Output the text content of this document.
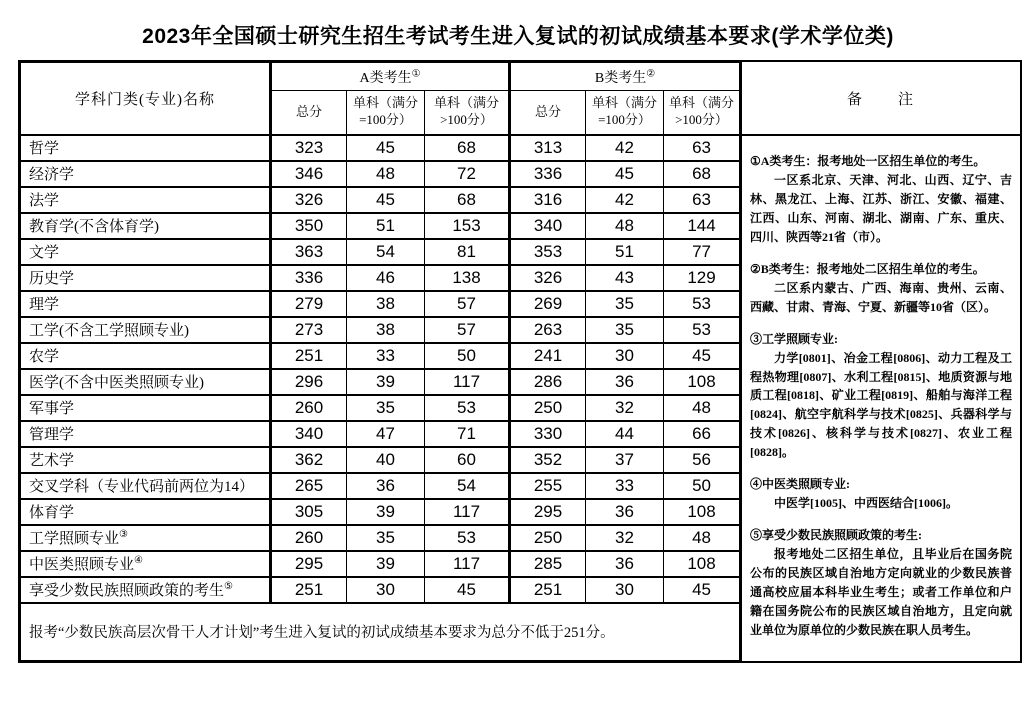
2023年全国硕士研究生招生考试考生进入复试的初试成绩基本要求(学术学位类)
学科门类(专业)名称	A类考生①			B类考生②
	总分	单科（满分=100分）	单科（满分>100分）	总分	单科（满分=100分）	单科（满分>100分）
哲学	323	45	68	313	42	63
经济学	346	48	72	336	45	68
法学	326	45	68	316	42	63
教育学(不含体育学)	350	51	153	340	48	144
文学	363	54	81	353	51	77
历史学	336	46	138	326	43	129
理学	279	38	57	269	35	53
工学(不含工学照顾专业)	273	38	57	263	35	53
农学	251	33	50	241	30	45
医学(不含中医类照顾专业)	296	39	117	286	36	108
军事学	260	35	53	250	32	48
管理学	340	47	71	330	44	66
艺术学	362	40	60	352	37	56
交叉学科（专业代码前两位为14）	265	36	54	255	33	50
体育学	305	39	117	295	36	108
工学照顾专业③	260	35	53	250	32	48
中医类照顾专业④	295	39	117	285	36	108
享受少数民族照顾政策的考生⑤	251	30	45	251	30	45
报考“少数民族高层次骨干人才计划”考生进入复试的初试成绩基本要求为总分不低于251分。						
备　　注
①A类考生：报考地处一区招生单位的考生。
一区系北京、天津、河北、山西、辽宁、吉林、黑龙江、上海、江苏、浙江、安徽、福建、江西、山东、河南、湖北、湖南、广东、重庆、四川、陕西等21省（市）。
②B类考生：报考地处二区招生单位的考生。
二区系内蒙古、广西、海南、贵州、云南、西藏、甘肃、青海、宁夏、新疆等10省（区）。
③工学照顾专业:
力学[0801]、冶金工程[0806]、动力工程及工程热物理[0807]、水利工程[0815]、地质资源与地质工程[0818]、矿业工程[0819]、船舶与海洋工程[0824]、航空宇航科学与技术[0825]、兵器科学与技术[0826]、核科学与技术[0827]、农业工程[0828]。
④中医类照顾专业:
中医学[1005]、中西医结合[1006]。
⑤享受少数民族照顾政策的考生:
报考地处二区招生单位，且毕业后在国务院公布的民族区域自治地方定向就业的少数民族普通高校应届本科毕业生考生；或者工作单位和户籍在国务院公布的民族区域自治地方，且定向就业单位为原单位的少数民族在职人员考生。
